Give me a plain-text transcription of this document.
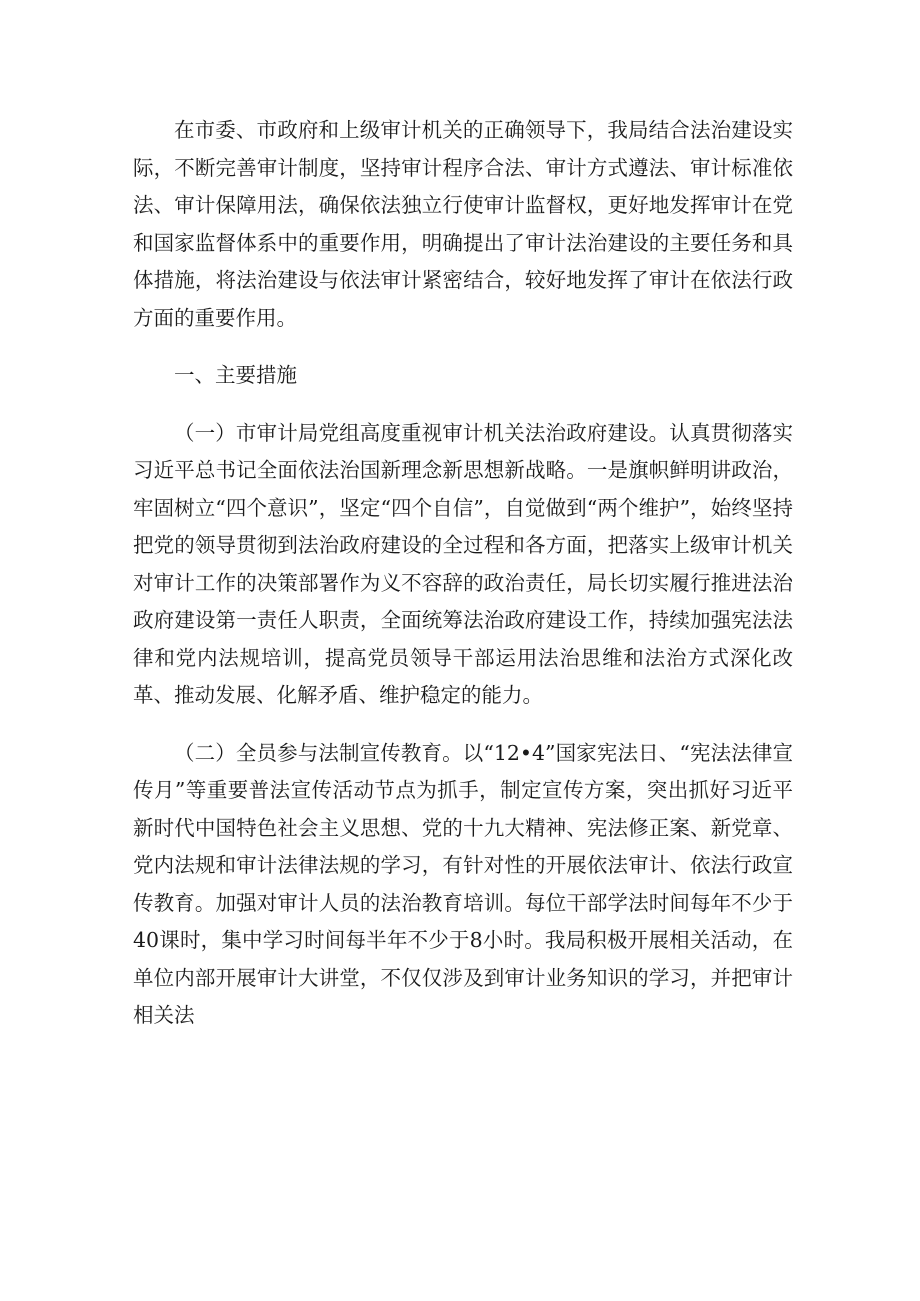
在市委、市政府和上级审计机关的正确领导下，我局结合法治建设实际，不断完善审计制度，坚持审计程序合法、审计方式遵法、审计标准依法、审计保障用法，确保依法独立行使审计监督权，更好地发挥审计在党和国家监督体系中的重要作用，明确提出了审计法治建设的主要任务和具体措施，将法治建设与依法审计紧密结合，较好地发挥了审计在依法行政方面的重要作用。

一、主要措施

（一）市审计局党组高度重视审计机关法治政府建设。认真贯彻落实习近平总书记全面依法治国新理念新思想新战略。一是旗帜鲜明讲政治，牢固树立“四个意识”，坚定“四个自信”，自觉做到“两个维护”，始终坚持把党的领导贯彻到法治政府建设的全过程和各方面，把落实上级审计机关对审计工作的决策部署作为义不容辞的政治责任，局长切实履行推进法治政府建设第一责任人职责，全面统筹法治政府建设工作，持续加强宪法法律和党内法规培训，提高党员领导干部运用法治思维和法治方式深化改革、推动发展、化解矛盾、维护稳定的能力。

（二）全员参与法制宣传教育。以“12•4”国家宪法日、“宪法法律宣传月”等重要普法宣传活动节点为抓手，制定宣传方案，突出抓好习近平新时代中国特色社会主义思想、党的十九大精神、宪法修正案、新党章、党内法规和审计法律法规的学习，有针对性的开展依法审计、依法行政宣传教育。加强对审计人员的法治教育培训。每位干部学法时间每年不少于40课时，集中学习时间每半年不少于8小时。我局积极开展相关活动，在单位内部开展审计大讲堂，不仅仅涉及到审计业务知识的学习，并把审计相关法
